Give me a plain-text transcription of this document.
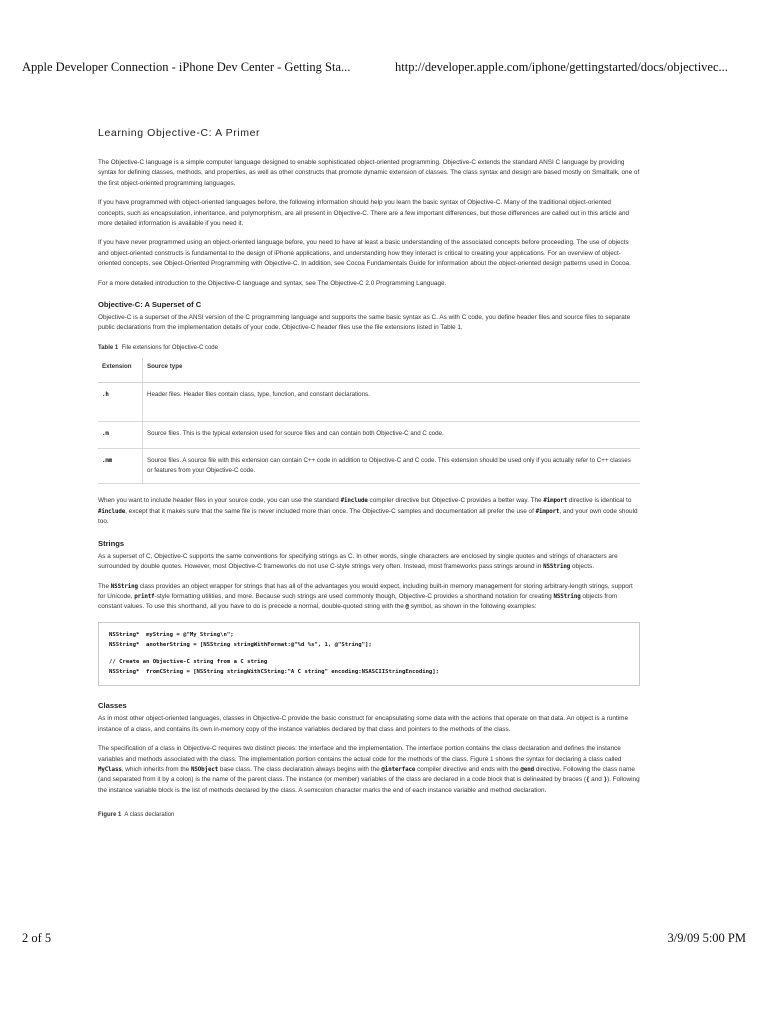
Apple Developer Connection - iPhone Dev Center - Getting Sta...	http://developer.apple.com/iphone/gettingstarted/docs/objectivec...
Learning Objective-C: A Primer

The Objective-C language is a simple computer language designed to enable sophisticated object-oriented programming. Objective-C extends the standard ANSI C language by providing syntax for defining classes, methods, and properties, as well as other constructs that promote dynamic extension of classes. The class syntax and design are based mostly on Smalltalk, one of the first object-oriented programming languages.

If you have programmed with object-oriented languages before, the following information should help you learn the basic syntax of Objective-C. Many of the traditional object-oriented concepts, such as encapsulation, inheritance, and polymorphism, are all present in Objective-C. There are a few important differences, but those differences are called out in this article and more detailed information is available if you need it.

If you have never programmed using an object-oriented language before, you need to have at least a basic understanding of the associated concepts before proceeding. The use of objects and object-oriented constructs is fundamental to the design of iPhone applications, and understanding how they interact is critical to creating your applications. For an overview of object-oriented concepts, see Object-Oriented Programming with Objective-C. In addition, see Cocoa Fundamentals Guide for information about the object-oriented design patterns used in Cocoa.

For a more detailed introduction to the Objective-C language and syntax, see The Objective-C 2.0 Programming Language.

Objective-C: A Superset of C

Objective-C is a superset of the ANSI version of the C programming language and supports the same basic syntax as C. As with C code, you define header files and source files to separate public declarations from the implementation details of your code. Objective-C header files use the file extensions listed in Table 1.

Table 1 File extensions for Objective-C code
Extension	Source type
.h	Header files. Header files contain class, type, function, and constant declarations.
.m	Source files. This is the typical extension used for source files and can contain both Objective-C and C code.
.mm	Source files. A source file with this extension can contain C++ code in addition to Objective-C and C code. This extension should be used only if you actually refer to C++ classes or features from your Objective-C code.

When you want to include header files in your source code, you can use the standard #include compiler directive but Objective-C provides a better way. The #import directive is identical to #include, except that it makes sure that the same file is never included more than once. The Objective-C samples and documentation all prefer the use of #import, and your own code should too.

Strings

As a superset of C, Objective-C supports the same conventions for specifying strings as C. In other words, single characters are enclosed by single quotes and strings of characters are surrounded by double quotes. However, most Objective-C frameworks do not use C-style strings very often. Instead, most frameworks pass strings around in NSString objects.

The NSString class provides an object wrapper for strings that has all of the advantages you would expect, including built-in memory management for storing arbitrary-length strings, support for Unicode, printf-style formatting utilities, and more. Because such strings are used commonly though, Objective-C provides a shorthand notation for creating NSString objects from constant values. To use this shorthand, all you have to do is precede a normal, double-quoted string with the @ symbol, as shown in the following examples:

NSString*  myString = @"My String\n";
NSString*  anotherString = [NSString stringWithFormat:@"%d %s", 1, @"String"];
// Create an Objective-C string from a C string
NSString*  fromCString = [NSString stringWithCString:"A C string" encoding:NSASCIIStringEncoding];
Classes

As in most other object-oriented languages, classes in Objective-C provide the basic construct for encapsulating some data with the actions that operate on that data. An object is a runtime instance of a class, and contains its own in-memory copy of the instance variables declared by that class and pointers to the methods of the class.

The specification of a class in Objective-C requires two distinct pieces: the interface and the implementation. The interface portion contains the class declaration and defines the instance variables and methods associated with the class. The implementation portion contains the actual code for the methods of the class. Figure 1 shows the syntax for declaring a class called MyClass, which inherits from the NSObject base class. The class declaration always begins with the @interface compiler directive and ends with the @end directive. Following the class name (and separated from it by a colon) is the name of the parent class. The instance (or member) variables of the class are declared in a code block that is delineated by braces ({ and }). Following the instance variable block is the list of methods declared by the class. A semicolon character marks the end of each instance variable and method declaration.

Figure 1 A class declaration
2 of 5	3/9/09 5:00 PM
